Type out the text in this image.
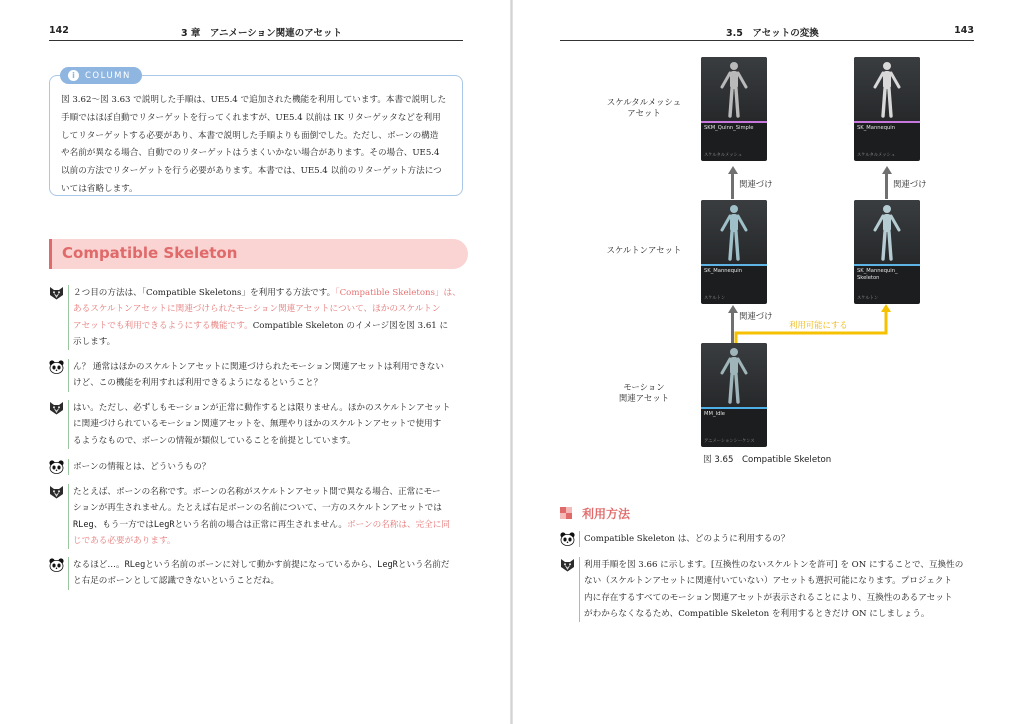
142	3 章　アニメーション関連のアセット
i	COLUMN
図 3.62〜図 3.63 で説明した手順は、UE5.4 で追加された機能を利用しています。本書で説明した
手順ではほぼ自動でリターゲットを行ってくれますが、UE5.4 以前は IK リターゲッタなどを利用
してリターゲットする必要があり、本書で説明した手順よりも面倒でした。ただし、ボーンの構造
や名前が異なる場合、自動でのリターゲットはうまくいかない場合があります。その場合、UE5.4
以前の方法でリターゲットを行う必要があります。本書では、UE5.4 以前のリターゲット方法につ
いては省略します。
Compatible Skeleton
２つ目の方法は、「Compatible Skeletons」を利用する方法です。「Compatible Skeletons」は、
あるスケルトンアセットに関連づけられたモーション関連アセットについて、ほかのスケルトン
アセットでも利用できるようにする機能です。Compatible Skeleton のイメージ図を図 3.61 に
示します。
ん？ 通常はほかのスケルトンアセットに関連づけられたモーション関連アセットは利用できない
けど、この機能を利用すれば利用できるようになるということ？
はい。ただし、必ずしもモーションが正常に動作するとは限りません。ほかのスケルトンアセット
に関連づけられているモーション関連アセットを、無理やりほかのスケルトンアセットで使用す
るようなもので、ボーンの情報が類似していることを前提としています。
ボーンの情報とは、どういうもの？
たとえば、ボーンの名称です。ボーンの名称がスケルトンアセット間で異なる場合、正常にモー
ションが再生されません。たとえば右足ボーンの名前について、一方のスケルトンアセットでは
RLeg、もう一方ではLegRという名前の場合は正常に再生されません。ボーンの名称は、完全に同
じである必要があります。
なるほど…。RLegという名前のボーンに対して動かす前提になっているから、LegRという名前だ
と右足のボーンとして認識できないということだね。
3.5　アセットの変換	143
スケルタルメッシュ
アセット
スケルトンアセット
モーション
関連アセット
関連づけ	関連づけ
関連づけ
利用可能にする
SKM_Quinn_Simple
スケルタルメッシュ
SK_Mannequin
スケルタルメッシュ
SK_Mannequin
スケルトン
SK_Mannequin_
Skeleton
スケルトン
MM_Idle
アニメーションシーケンス
図 3.65　Compatible Skeleton
利用方法
Compatible Skeleton は、どのように利用するの？
利用手順を図 3.66 に示します。[互換性のないスケルトンを許可] を ON にすることで、互換性の
ない（スケルトンアセットに関連付いていない）アセットも選択可能になります。プロジェクト
内に存在するすべてのモーション関連アセットが表示されることにより、互換性のあるアセット
がわからなくなるため、Compatible Skeleton を利用するときだけ ON にしましょう。
